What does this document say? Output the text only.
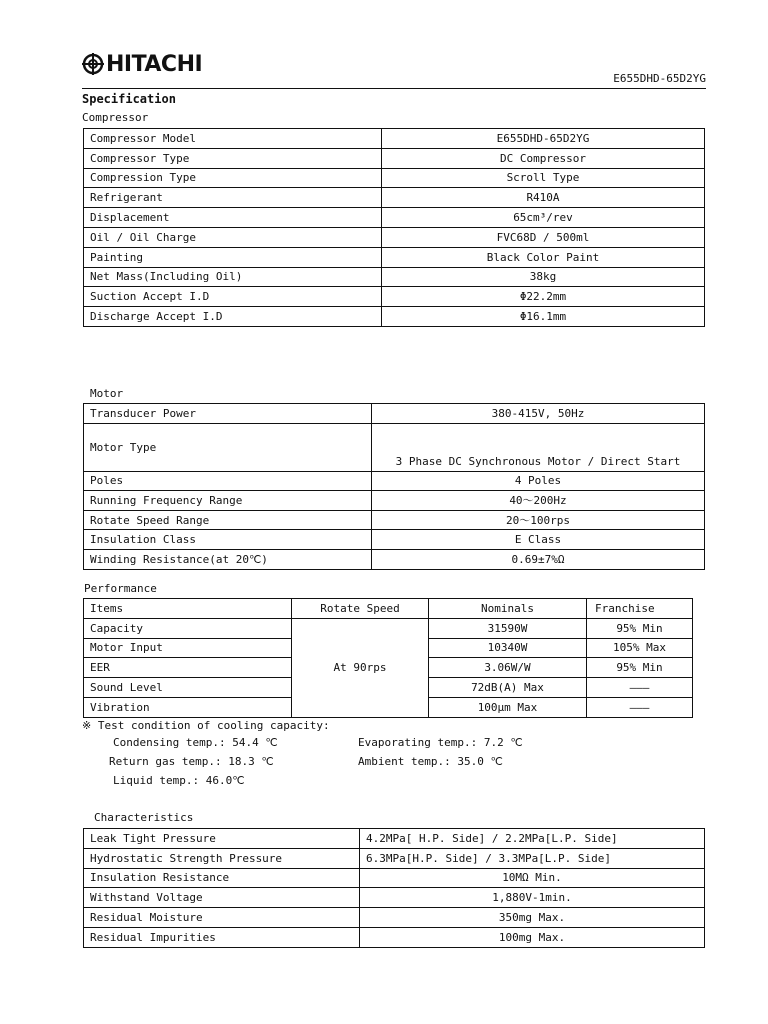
HITACHI
E655DHD-65D2YG
Specification
Compressor
Compressor Model	E655DHD-65D2YG
Compressor Type	DC Compressor
Compression Type	Scroll Type
Refrigerant	R410A
Displacement	65cm³/rev
Oil / Oil Charge	FVC68D / 500ml
Painting	Black Color Paint
Net Mass(Including Oil)	38kg
Suction Accept I.D	Φ22.2mm
Discharge Accept I.D	Φ16.1mm
Motor
Transducer Power	380-415V, 50Hz
Motor Type	3 Phase DC Synchronous Motor / Direct Start
Poles	4 Poles
Running Frequency Range	40～200Hz
Rotate Speed Range	20～100rps
Insulation Class	E Class
Winding Resistance(at 20℃)	0.69±7%Ω
Performance
Items	Rotate Speed	Nominals	Franchise
Capacity	At 90rps	31590W	95% Min
Motor Input		10340W	105% Max
EER		3.06W/W	95% Min
Sound Level		72dB(A) Max	———
Vibration		100μm Max	———
※ Test condition of cooling capacity:
Condensing temp.: 54.4 ℃	Evaporating temp.: 7.2 ℃
Return gas temp.: 18.3 ℃	Ambient temp.: 35.0 ℃
Liquid temp.: 46.0℃
Characteristics
Leak Tight Pressure	4.2MPa[ H.P. Side] / 2.2MPa[L.P. Side]
Hydrostatic Strength Pressure	6.3MPa[H.P. Side] / 3.3MPa[L.P. Side]
Insulation Resistance	10MΩ Min.
Withstand Voltage	1,880V-1min.
Residual Moisture	350mg Max.
Residual Impurities	100mg Max.
